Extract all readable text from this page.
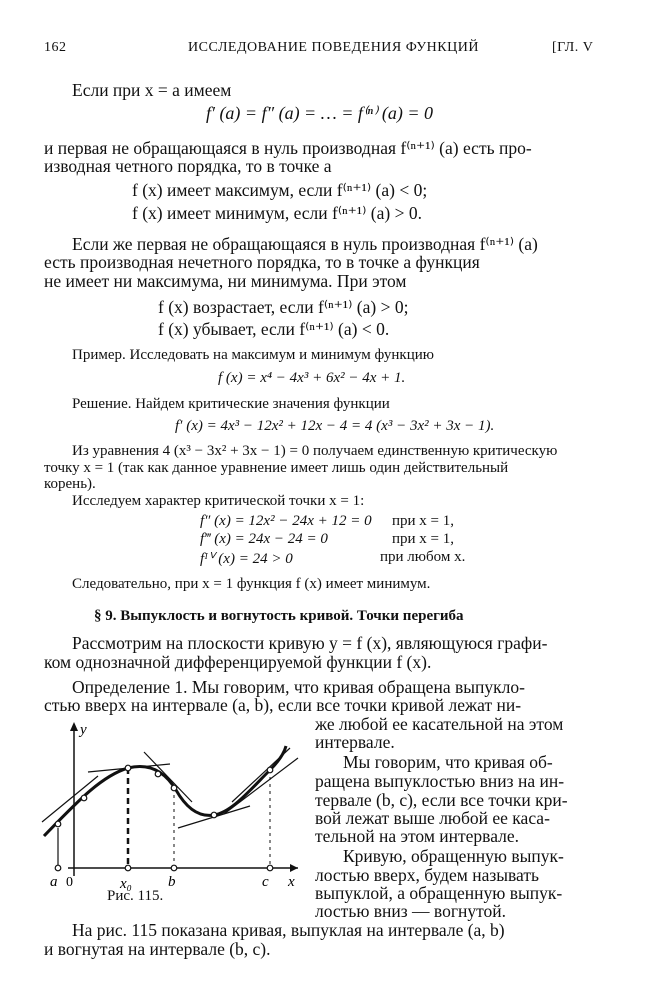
162	ИССЛЕДОВАНИЕ ПОВЕДЕНИЯ ФУНКЦИЙ	[ГЛ. V
Если при x = a имеем
f′ (a) = f″ (a) = … = f⁽ⁿ⁾ (a) = 0
и первая не обращающаяся в нуль производная f⁽ⁿ⁺¹⁾ (a) есть про-
изводная четного порядка, то в точке a
f (x) имеет максимум, если f⁽ⁿ⁺¹⁾ (a) < 0;
f (x) имеет минимум, если f⁽ⁿ⁺¹⁾ (a) > 0.
Если же первая не обращающаяся в нуль производная f⁽ⁿ⁺¹⁾ (a)
есть производная нечетного порядка, то в точке a функция
не имеет ни максимума, ни минимума. При этом
f (x) возрастает, если f⁽ⁿ⁺¹⁾ (a) > 0;
f (x) убывает, если f⁽ⁿ⁺¹⁾ (a) < 0.
Пример. Исследовать на максимум и минимум функцию
f (x) = x⁴ − 4x³ + 6x² − 4x + 1.
Решение. Найдем критические значения функции
f′ (x) = 4x³ − 12x² + 12x − 4 = 4 (x³ − 3x² + 3x − 1).
Из уравнения 4 (x³ − 3x² + 3x − 1) = 0 получаем единственную критическую
точку x = 1 (так как данное уравнение имеет лишь один действительный
корень).
Исследуем характер критической точки x = 1:
f″ (x) = 12x² − 24x + 12 = 0 при x = 1,
f‴ (x) = 24x − 24 = 0	при x = 1,
fᴵⱽ (x) = 24 > 0	при любом x.
Следовательно, при x = 1 функция f (x) имеет минимум.
§ 9. Выпуклость и вогнутость кривой. Точки перегиба
Рассмотрим на плоскости кривую y = f (x), являющуюся графи-
ком однозначной дифференцируемой функции f (x).
Определение 1. Мы говорим, что кривая обращена выпукло-
стью вверх на интервале (a, b), если все точки кривой лежат ни-
же любой ее касательной на этом
интервале.
Мы говорим, что кривая об-
ращена выпуклостью вниз на ин-
тервале (b, c), если все точки кри-
вой лежат выше любой ее каса-
тельной на этом интервале.
Кривую, обращенную выпук-
лостью вверх, будем называть
выпуклой, а обращенную выпук-
лостью вниз — вогнутой.
На рис. 115 показана кривая, выпуклая на интервале (a, b)
и вогнутая на интервале (b, c).
y
x
a 0	x₀ b	c
Рис. 115.
